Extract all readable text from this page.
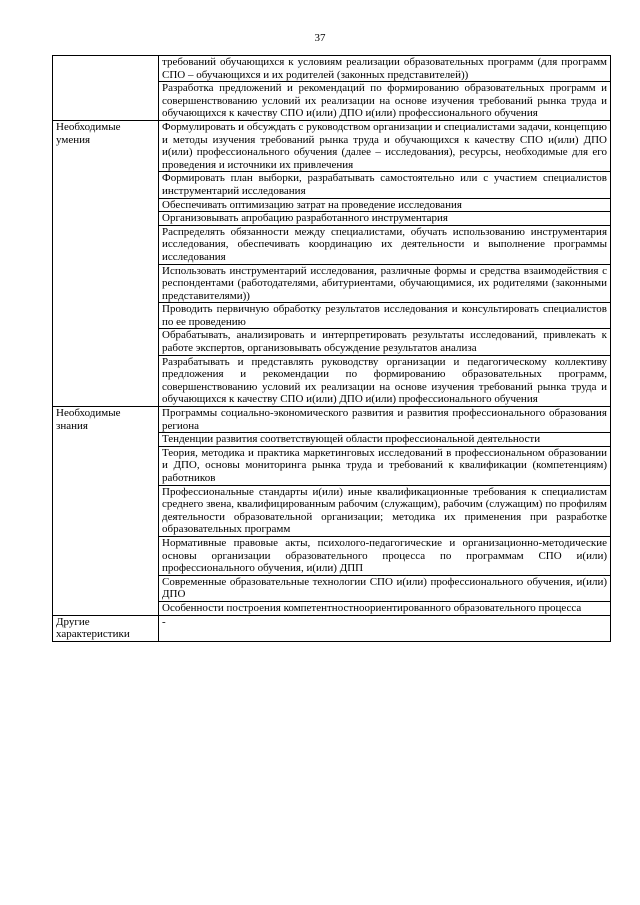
37
	требований обучающихся к условиям реализации образовательных программ (для программ СПО – обучающихся и их родителей (законных представителей))
	Разработка предложений и рекомендаций по формированию образовательных программ и совершенствованию условий их реализации на основе изучения требований рынка труда и обучающихся к качеству СПО и(или) ДПО и(или) профессионального обучения
Необходимые умения	Формулировать и обсуждать с руководством организации и специалистами задачи, концепцию и методы изучения требований рынка труда и обучающихся к качеству СПО и(или) ДПО и(или) профессионального обучения (далее – исследования), ресурсы, необходимые для его проведения и источники их привлечения
	Формировать план выборки, разрабатывать самостоятельно или с участием специалистов инструментарий исследования
	Обеспечивать оптимизацию затрат на проведение исследования
	Организовывать апробацию разработанного инструментария
	Распределять обязанности между специалистами, обучать использованию инструментария исследования, обеспечивать координацию их деятельности и выполнение программы исследования
	Использовать инструментарий исследования, различные формы и средства взаимодействия с респондентами (работодателями, абитуриентами, обучающимися, их родителями (законными представителями))
	Проводить первичную обработку результатов исследования и консультировать специалистов по ее проведению
	Обрабатывать, анализировать и интерпретировать результаты исследований, привлекать к работе экспертов, организовывать обсуждение результатов анализа
	Разрабатывать и представлять руководству организации и педагогическому коллективу предложения и рекомендации по формированию образовательных программ, совершенствованию условий их реализации на основе изучения требований рынка труда и обучающихся к качеству СПО и(или) ДПО и(или) профессионального обучения
Необходимые знания	Программы социально-экономического развития и развития профессионального образования региона
	Тенденции развития соответствующей области профессиональной деятельности
	Теория, методика и практика маркетинговых исследований в профессиональном образовании и ДПО, основы мониторинга рынка труда и требований к квалификации (компетенциям) работников
	Профессиональные стандарты и(или) иные квалификационные требования к специалистам среднего звена, квалифицированным рабочим (служащим), рабочим (служащим) по профилям деятельности образовательной организации; методика их применения при разработке образовательных программ
	Нормативные правовые акты, психолого-педагогические и организационно-методические основы организации образовательного процесса по программам СПО и(или) профессионального обучения, и(или) ДПП
	Современные образовательные технологии СПО и(или) профессионального обучения, и(или) ДПО
	Особенности построения компетентностноориентированного образовательного процесса
Другие характеристики	-
